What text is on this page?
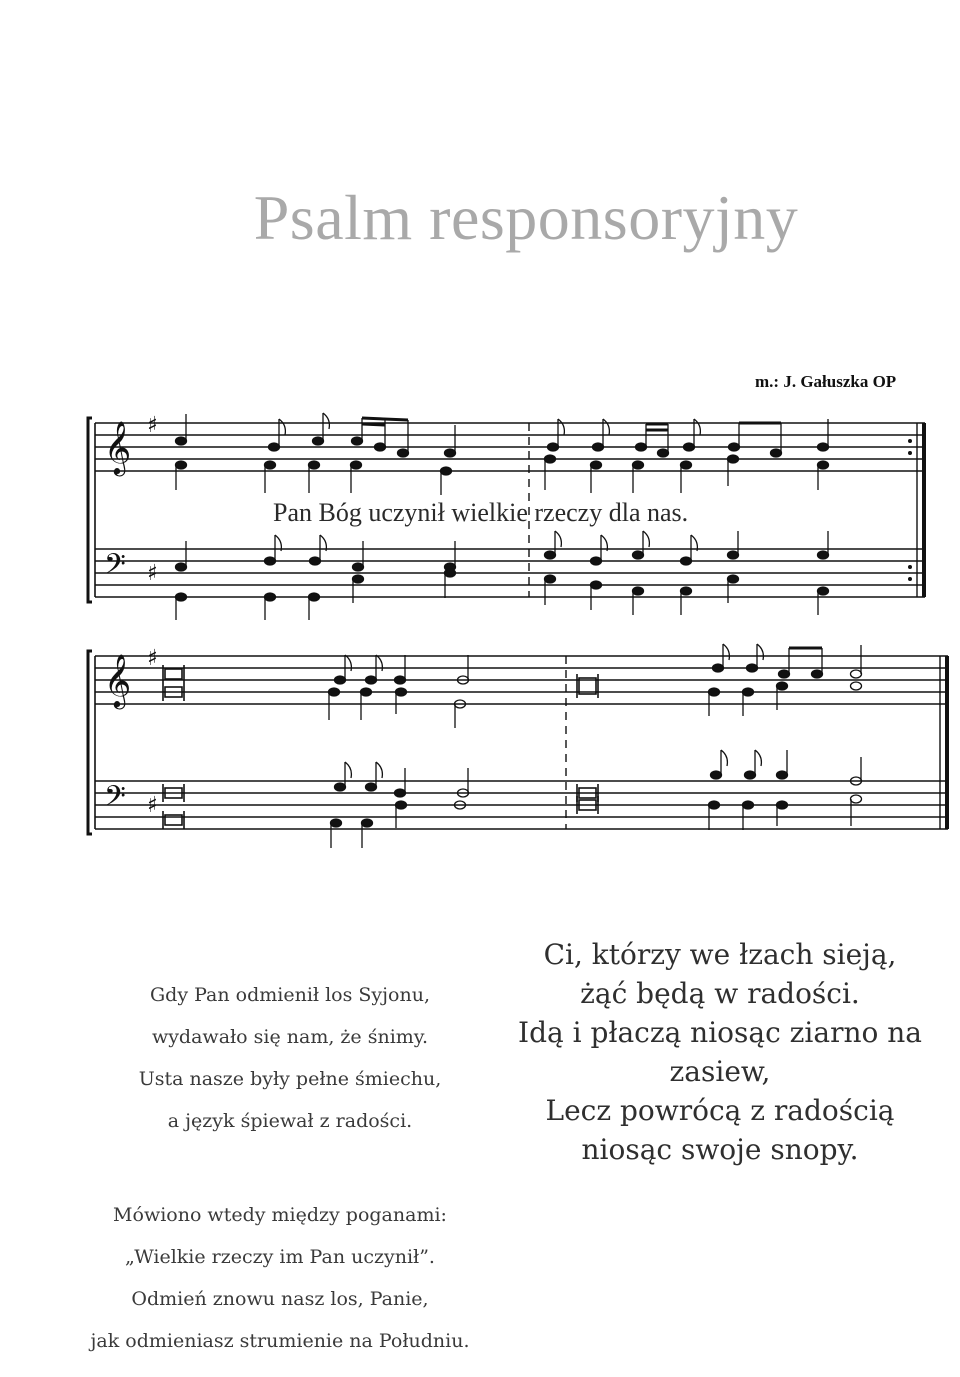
Psalm responsoryjny
m.: J. Gałuszka OP
𝄞
𝄢
𝄞
𝄢
♯
♯
♯
♯
Pan Bóg uczynił wielkie rzeczy dla nas.
Gdy Pan odmienił los Syjonu,
wydawało się nam, że śnimy.
Usta nasze były pełne śmiechu,
a język śpiewał z radości.
Mówiono wtedy między poganami:
„Wielkie rzeczy im Pan uczynił”.
Odmień znowu nasz los, Panie,
jak odmieniasz strumienie na Południu.
Ci, którzy we łzach sieją,
żąć będą w radości.
Idą i płaczą niosąc ziarno na
zasiew,
Lecz powrócą z radością
niosąc swoje snopy.
